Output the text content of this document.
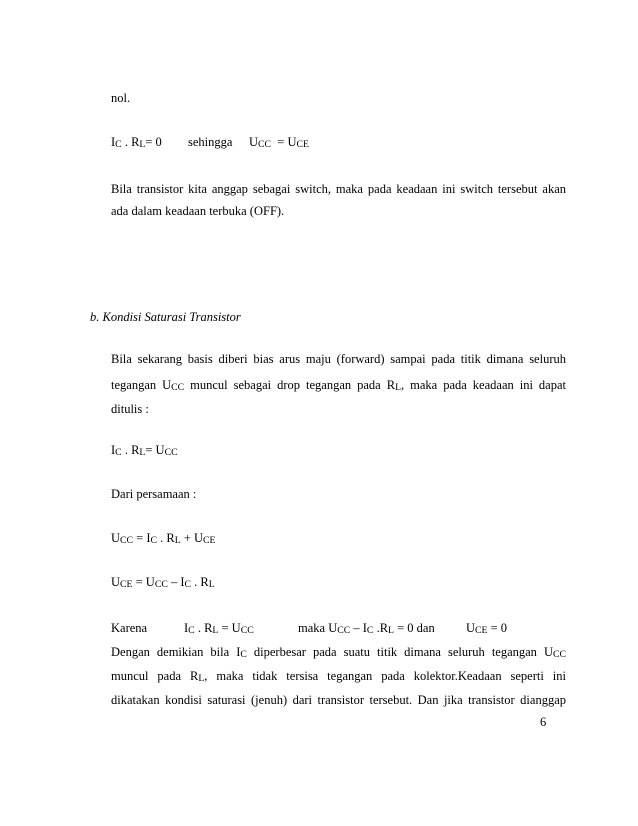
nol.
IC . RL= 0 sehingga UCC = UCE
Bila transistor kita anggap sebagai switch, maka pada keadaan ini switch tersebut akan
ada dalam keadaan terbuka (OFF).
b. Kondisi Saturasi Transistor
Bila sekarang basis diberi bias arus maju (forward) sampai pada titik dimana seluruh
tegangan UCC muncul sebagai drop tegangan pada RL, maka pada keadaan ini dapat
ditulis :
IC . RL= UCC
Dari persamaan :
UCC = IC . RL + UCE
UCE = UCC – IC . RL
Karena	IC . RL = UCC	maka UCC – IC .RL = 0 dan	UCE = 0
Dengan demikian bila IC diperbesar pada suatu titik dimana seluruh tegangan UCC
muncul pada RL, maka tidak tersisa tegangan pada kolektor.Keadaan seperti ini
dikatakan kondisi saturasi (jenuh) dari transistor tersebut. Dan jika transistor dianggap
6
